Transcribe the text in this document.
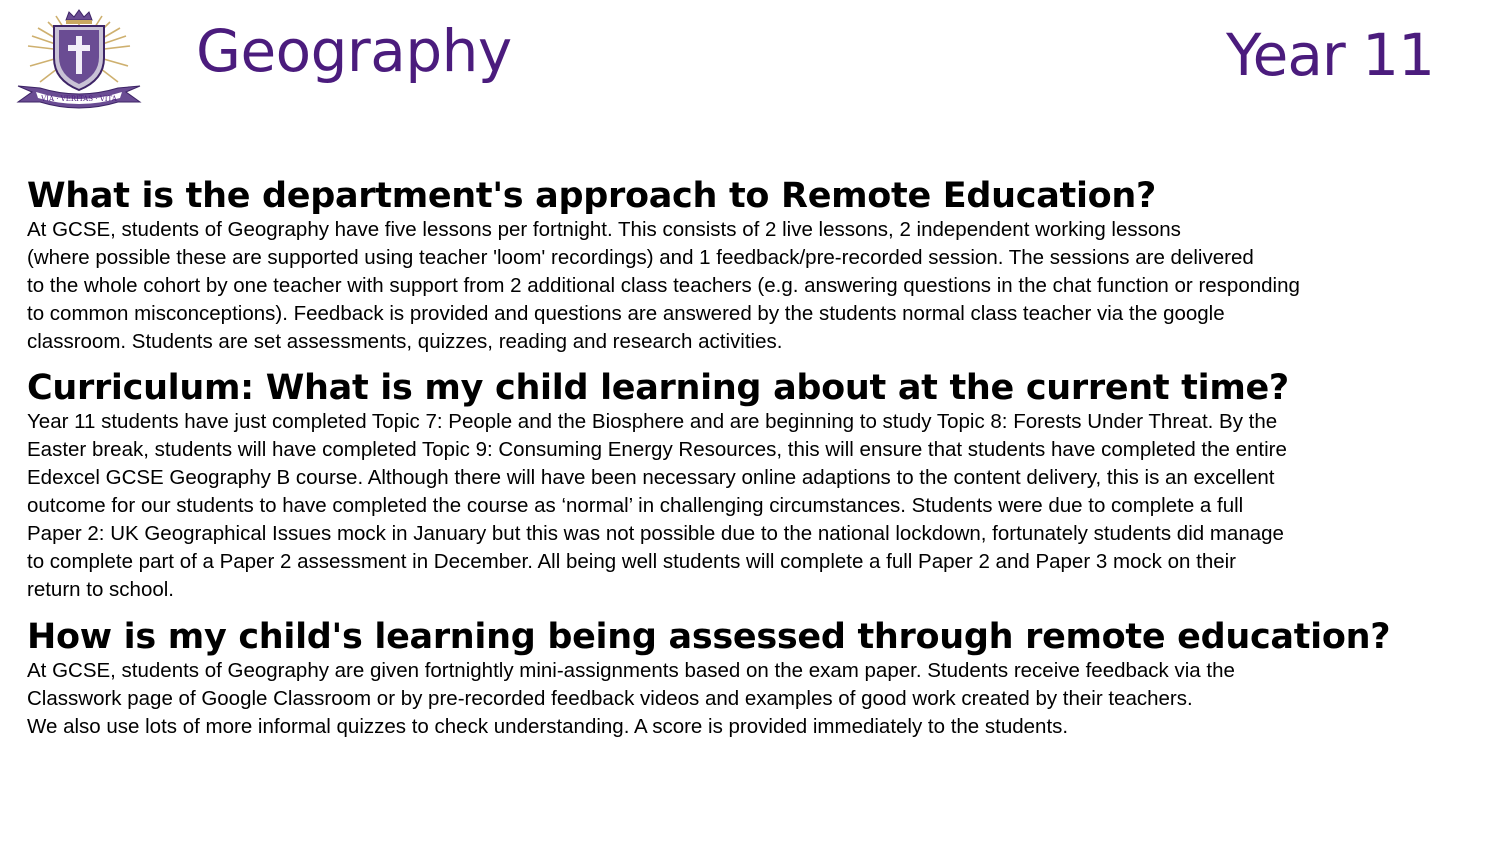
VIA · VERITAS · VITA
Geography	Year 11
What is the department's approach to Remote Education?

At GCSE, students of Geography have five lessons per fortnight. This consists of 2 live lessons, 2 independent working lessons
(where possible these are supported using teacher 'loom' recordings) and 1 feedback/pre-recorded session. The sessions are delivered
to the whole cohort by one teacher with support from 2 additional class teachers (e.g. answering questions in the chat function or responding
to common misconceptions). Feedback is provided and questions are answered by the students normal class teacher via the google
classroom. Students are set assessments, quizzes, reading and research activities.

Curriculum: What is my child learning about at the current time?

Year 11 students have just completed Topic 7: People and the Biosphere and are beginning to study Topic 8: Forests Under Threat. By the
Easter break, students will have completed Topic 9: Consuming Energy Resources, this will ensure that students have completed the entire
Edexcel GCSE Geography B course. Although there will have been necessary online adaptions to the content delivery, this is an excellent
outcome for our students to have completed the course as ‘normal’ in challenging circumstances. Students were due to complete a full
Paper 2: UK Geographical Issues mock in January but this was not possible due to the national lockdown, fortunately students did manage
to complete part of a Paper 2 assessment in December. All being well students will complete a full Paper 2 and Paper 3 mock on their
return to school.

How is my child's learning being assessed through remote education?

At GCSE, students of Geography are given fortnightly mini-assignments based on the exam paper. Students receive feedback via the
Classwork page of Google Classroom or by pre-recorded feedback videos and examples of good work created by their teachers.
We also use lots of more informal quizzes to check understanding. A score is provided immediately to the students.
